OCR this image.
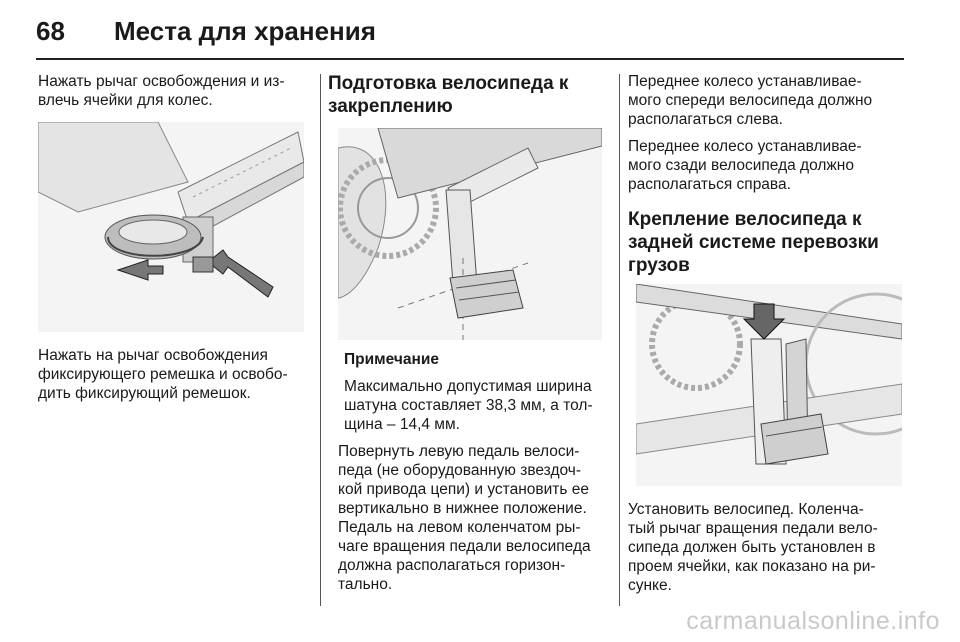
68 Места для хранения

Нажать рычаг освобождения и из-
влечь ячейки для колес.

Нажать на рычаг освобождения
фиксирующего ремешка и освобо-
дить фиксирующий ремешок.

Подготовка велосипеда к
закреплению

Примечание

Максимально допустимая ширина
шатуна составляет 38,3 мм, а тол-
щина – 14,4 мм.

Повернуть левую педаль велоси-
педа (не оборудованную звездоч-
кой привода цепи) и установить ее
вертикально в нижнее положение.
Педаль на левом коленчатом ры-
чаге вращения педали велосипеда
должна располагаться горизон-
тально.

Переднее колесо устанавливае-
мого спереди велосипеда должно
располагаться слева.

Переднее колесо устанавливае-
мого сзади велосипеда должно
располагаться справа.

Крепление велосипеда к
задней системе перевозки
грузов

Установить велосипед. Коленча-
тый рычаг вращения педали вело-
сипеда должен быть установлен в
проем ячейки, как показано на ри-
сунке.

carmanualsonline.info
